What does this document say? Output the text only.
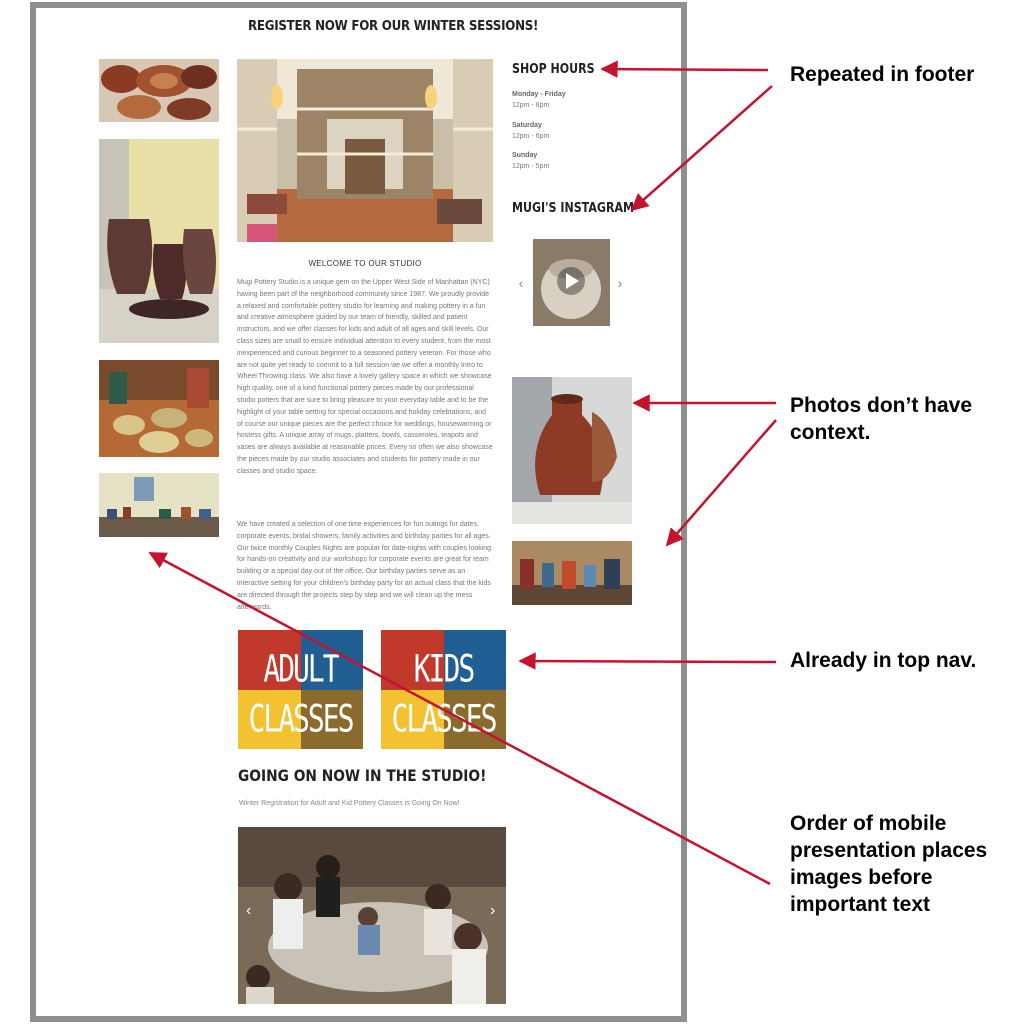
REGISTER NOW FOR OUR WINTER SESSIONS!
WELCOME TO OUR STUDIO
Mugi Pottery Studio is a unique gem on the Upper West Side of Manhattan (NYC) having been part of the neighborhood community since 1987. We proudly provide a relaxed and comfortable pottery studio for learning and making pottery in a fun and creative atmosphere guided by our team of friendly, skilled and patient instructors, and we offer classes for kids and adult of all ages and skill levels. Our class sizes are small to ensure individual attention to every student, from the most inexperienced and curious beginner to a seasoned pottery veteran. For those who are not quite yet ready to commit to a full session we we offer a monthly Intro to Wheel Throwing class. We also have a lovely gallery space in which we showcase high quality, one of a kind functional pottery pieces made by our professional studio potters that are sure to bring pleasure to your everyday table and to be the highlight of your table setting for special occasions and holiday celebrations, and of course our unique pieces are the perfect choice for weddings, housewarming or hostess gifts. A unique array of mugs, platters, bowls, casseroles, teapots and vases are always available at reasonable prices. Every so often we also showcase the pieces made by our studio associates and students for pottery made in our classes and studio space.
We have created a selection of one time experiences for fun outings for dates, corporate events, bridal showers, family activities and birthday parties for all ages. Our twice monthly Couples Nights are popular for date-nights with couples looking for hands-on creativity and our workshops for corporate events are great for team building or a special day out of the office. Our birthday parties serve as an interactive setting for your children's birthday party for an actual class that the kids are directed through the projects step by step and we will clean up the mess afterwards.
SHOP HOURS
Monday - Friday
12pm - 8pm
Saturday
12pm - 6pm
Sunday
12pm - 5pm
MUGI'S INSTAGRAM
‹	›
ADULT
CLASSES
KIDS
CLASSES
GOING ON NOW IN THE STUDIO!
Winter Registration for Adult and Kid Pottery Classes is Going On Now!
‹	›
Repeated in footer
Photos don’t have context.
Already in top nav.
Order of mobile presentation places images before important text
